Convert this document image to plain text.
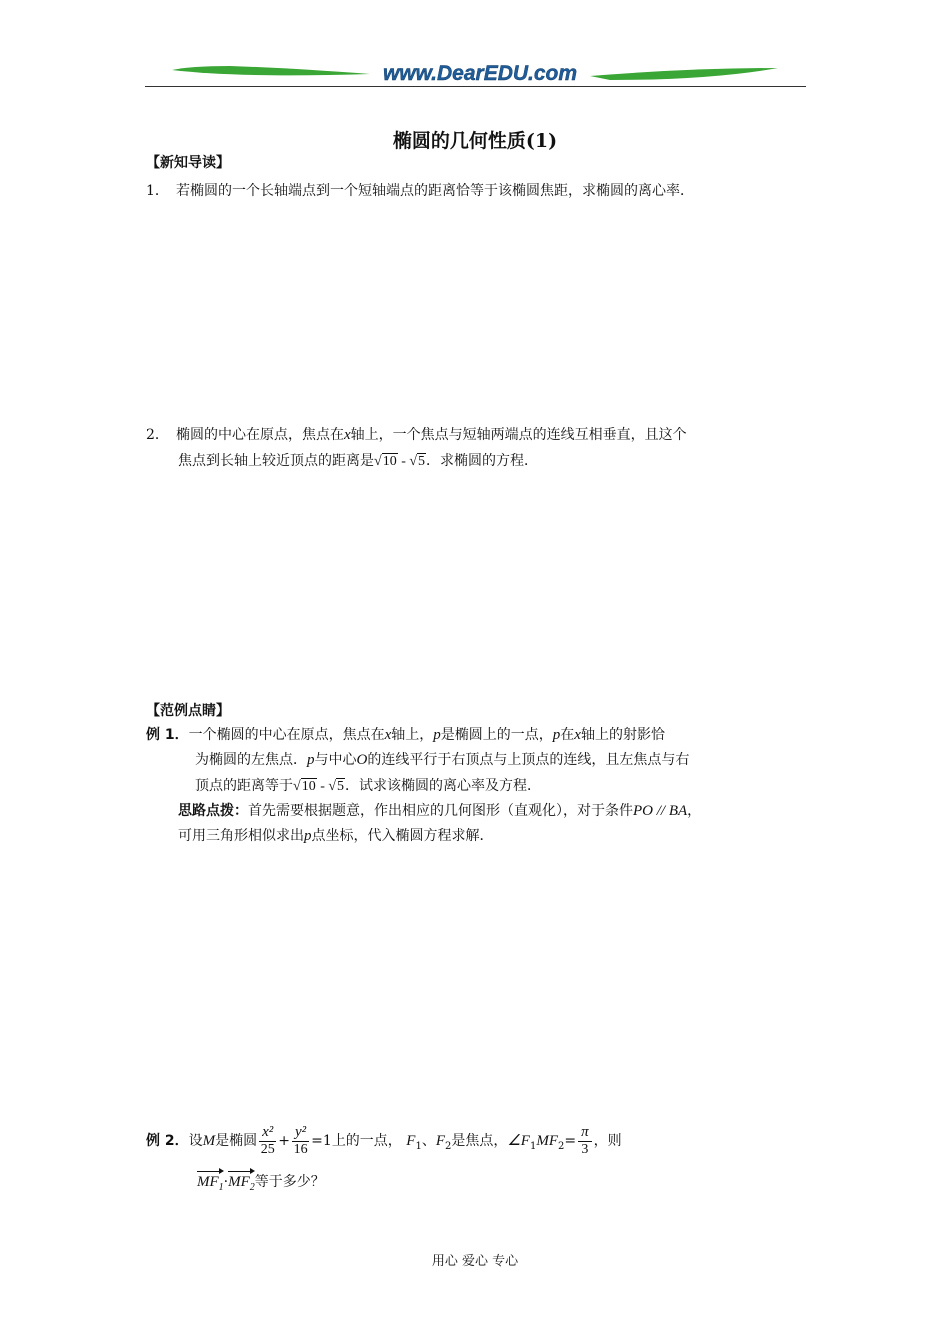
www.DearEDU.com
椭圆的几何性质(1)
【新知导读】
1． 若椭圆的一个长轴端点到一个短轴端点的距离恰等于该椭圆焦距，求椭圆的离心率．
2． 椭圆的中心在原点，焦点在x轴上，一个焦点与短轴两端点的连线互相垂直，且这个
焦点到长轴上较近顶点的距离是√10 - √5．求椭圆的方程．
【范例点睛】
例 1．一个椭圆的中心在原点，焦点在x轴上，p是椭圆上的一点，p在x轴上的射影恰
为椭圆的左焦点．p与中心O的连线平行于右顶点与上顶点的连线，且左焦点与右
顶点的距离等于√10 - √5．试求该椭圆的离心率及方程．
思路点拨：首先需要根据题意，作出相应的几何图形（直观化），对于条件PO // BA，
可用三角形相似求出p点坐标，代入椭圆方程求解．
例 2．设M是椭圆 $\frac{\text{x²}}{25} + \frac{\text{y²}}{16} =1$上的一点， $F_1$、$F_2$是焦点，$\angle F_1MF_2= \frac{\pi}{3}$ ，则
$MF_1\cdot MF_2$等于多少？
用心 爱心 专心
